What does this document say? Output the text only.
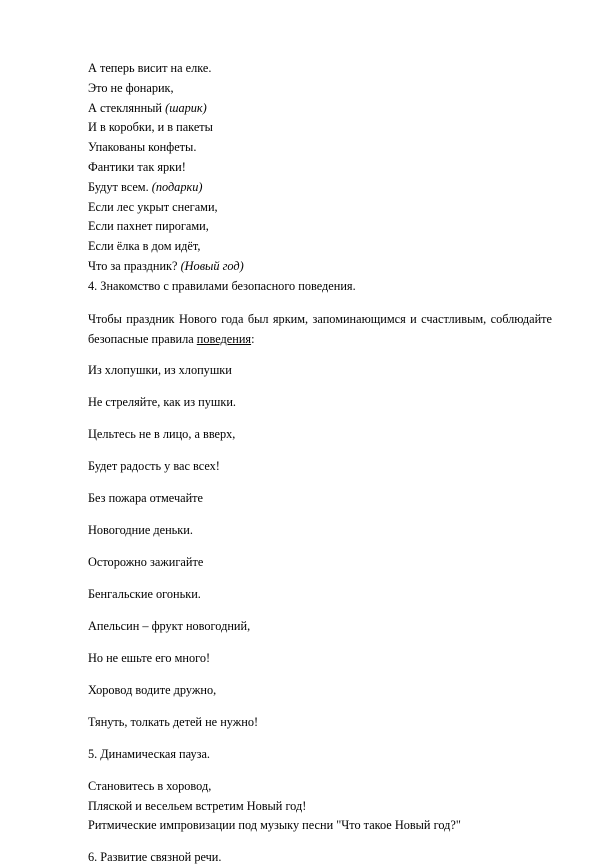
А теперь висит на елке.
Это не фонарик,
А стеклянный (шарик)
И в коробки, и в пакеты
Упакованы конфеты.
Фантики так ярки!
Будут всем. (подарки)
Если лес укрыт снегами,
Если пахнет пирогами,
Если ёлка в дом идёт,
Что за праздник? (Новый год)
4. Знакомство с правилами безопасного поведения.
Чтобы праздник Нового года был ярким, запоминающимся и счастливым, соблюдайте безопасные правила поведения:
Из хлопушки, из хлопушки
Не стреляйте, как из пушки.
Цельтесь не в лицо, а вверх,
Будет радость у вас всех!
Без пожара отмечайте
Новогодние деньки.
Осторожно зажигайте
Бенгальские огоньки.
Апельсин – фрукт новогодний,
Но не ешьте его много!
Хоровод водите дружно,
Тянуть, толкать детей не нужно!
5. Динамическая пауза.
Становитесь в хоровод,
Пляской и весельем встретим Новый год!
Ритмические импровизации под музыку песни "Что такое Новый год?"
6. Развитие связной речи.
